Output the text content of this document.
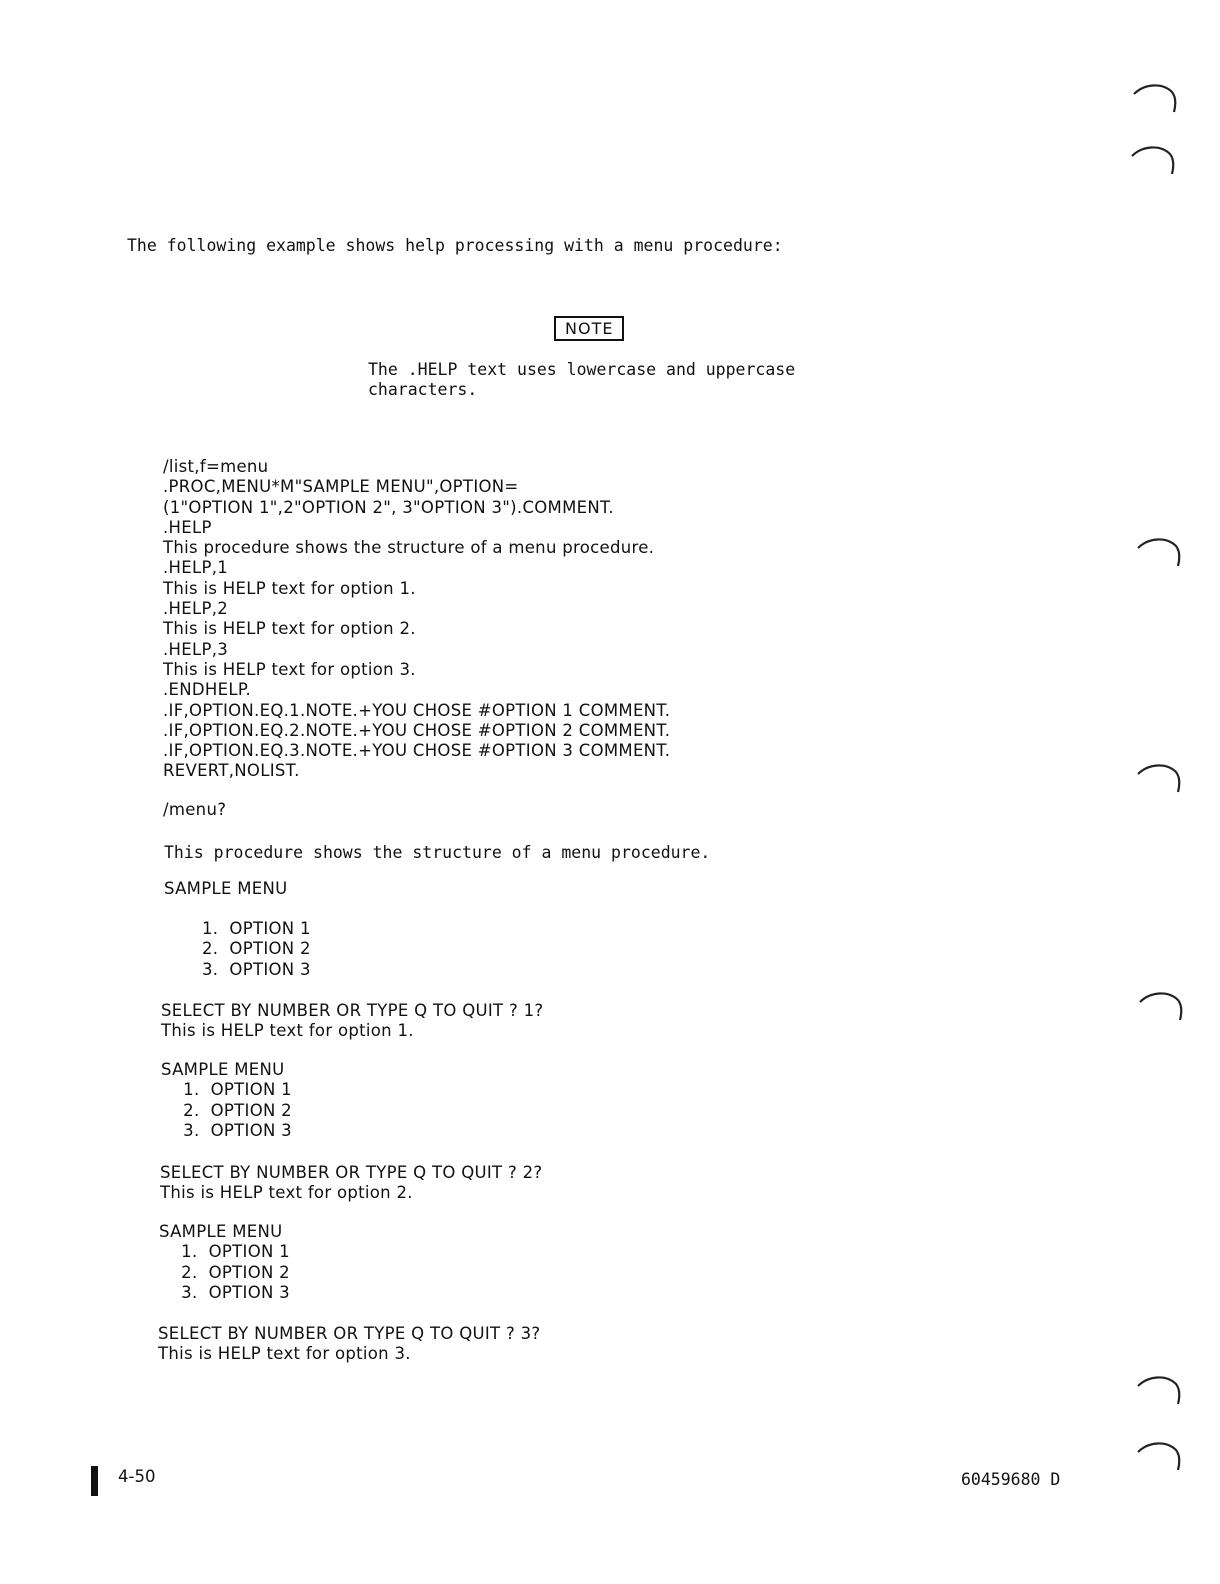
The following example shows help processing with a menu procedure:
NOTE
The .HELP text uses lowercase and uppercase
characters.
/list,f=menu
.PROC,MENU*M"SAMPLE MENU",OPTION=
(1"OPTION 1",2"OPTION 2", 3"OPTION 3").COMMENT.
.HELP
This procedure shows the structure of a menu procedure.
.HELP,1
This is HELP text for option 1.
.HELP,2
This is HELP text for option 2.
.HELP,3
This is HELP text for option 3.
.ENDHELP.
.IF,OPTION.EQ.1.NOTE.+YOU CHOSE #OPTION 1 COMMENT.
.IF,OPTION.EQ.2.NOTE.+YOU CHOSE #OPTION 2 COMMENT.
.IF,OPTION.EQ.3.NOTE.+YOU CHOSE #OPTION 3 COMMENT.
REVERT,NOLIST.
/menu?
This procedure shows the structure of a menu procedure.
SAMPLE MENU
1.  OPTION 1
2.  OPTION 2
3.  OPTION 3
SELECT BY NUMBER OR TYPE Q TO QUIT ? 1?
This is HELP text for option 1.
SAMPLE MENU
1.  OPTION 1
2.  OPTION 2
3.  OPTION 3
SELECT BY NUMBER OR TYPE Q TO QUIT ? 2?
This is HELP text for option 2.
SAMPLE MENU
1.  OPTION 1
2.  OPTION 2
3.  OPTION 3
SELECT BY NUMBER OR TYPE Q TO QUIT ? 3?
This is HELP text for option 3.
4-50	60459680 D
